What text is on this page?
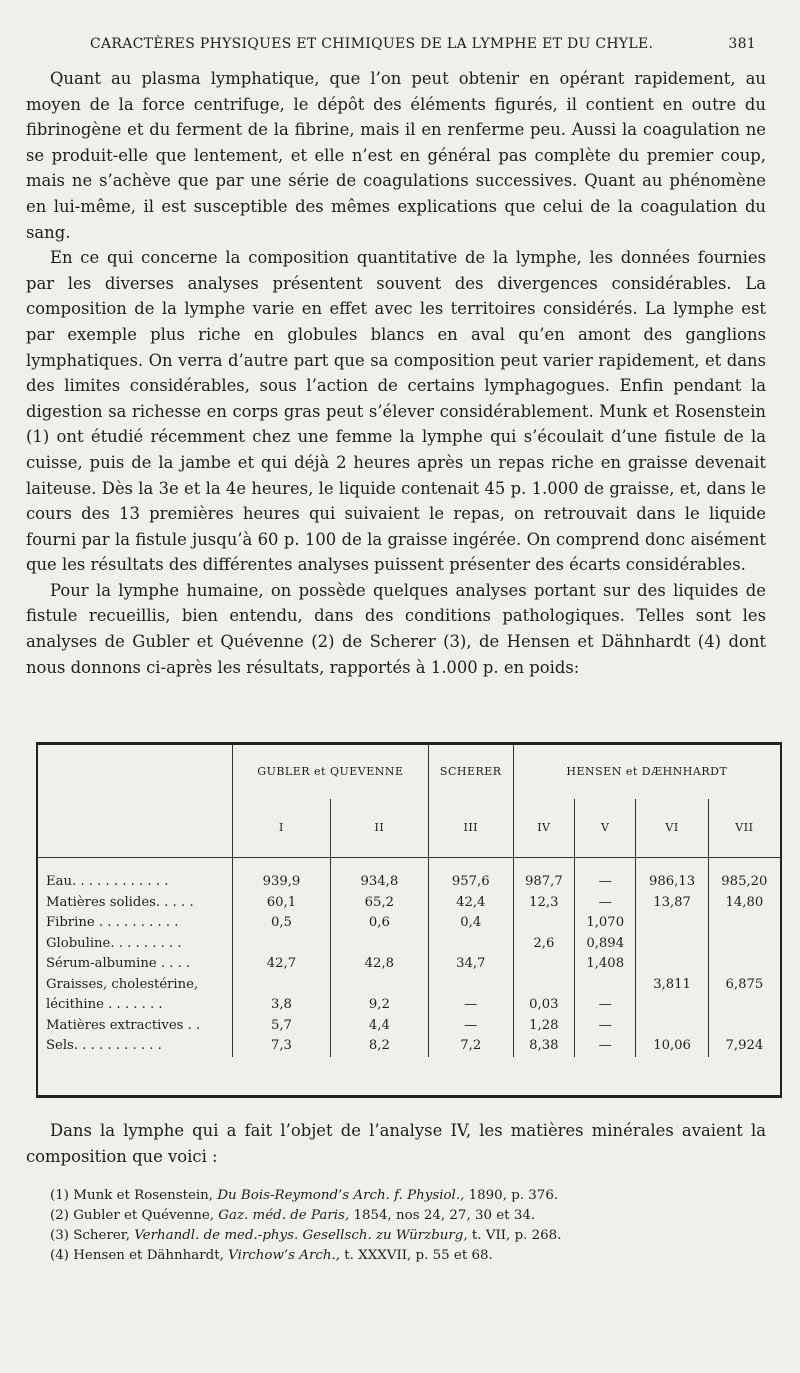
CARACTÈRES PHYSIQUES ET CHIMIQUES DE LA LYMPHE ET DU CHYLE.	381

Quant au plasma lymphatique, que l’on peut obtenir en opérant rapidement, au moyen de la force centrifuge, le dépôt des éléments figurés, il contient en outre du fibrinogène et du ferment de la fibrine, mais il en renferme peu. Aussi la coagulation ne se produit-elle que lentement, et elle n’est en général pas complète du premier coup, mais ne s’achève que par une série de coagulations successives. Quant au phénomène en lui-même, il est susceptible des mêmes explications que celui de la coagulation du sang.

En ce qui concerne la composition quantitative de la lymphe, les données fournies par les diverses analyses présentent souvent des divergences considérables. La composition de la lymphe varie en effet avec les territoires considérés. La lymphe est par exemple plus riche en globules blancs en aval qu’en amont des ganglions lymphatiques. On verra d’autre part que sa composition peut varier rapidement, et dans des limites considérables, sous l’action de certains lymphagogues. Enfin pendant la digestion sa richesse en corps gras peut s’élever considérablement. Munk et Rosenstein (1) ont étudié récemment chez une femme la lymphe qui s’écoulait d’une fistule de la cuisse, puis de la jambe et qui déjà 2 heures après un repas riche en graisse devenait laiteuse. Dès la 3e et la 4e heures, le liquide contenait 45 p. 1.000 de graisse, et, dans le cours des 13 premières heures qui suivaient le repas, on retrouvait dans le liquide fourni par la fistule jusqu’à 60 p. 100 de la graisse ingérée. On comprend donc aisément que les résultats des différentes analyses puissent présenter des écarts considérables.

Pour la lymphe humaine, on possède quelques analyses portant sur des liquides de fistule recueillis, bien entendu, dans des conditions pathologiques. Telles sont les analyses de Gubler et Quévenne (2) de Scherer (3), de Hensen et Dähnhardt (4) dont nous donnons ci-après les résultats, rapportés à 1.000 p. en poids:

	GUBLER et QUEVENNE		SCHERER	HENSEN et DÆHNHARDT			
	I	II	III	IV	V	VI	VII
Eau. . . . . . . . . . . .	939,9	934,8	957,6	987,7	—	986,13	985,20
Matières solides. . . . .	60,1	65,2	42,4	12,3	—	13,87	14,80
Fibrine . . . . . . . . . .	0,5	0,6	0,4		1,070		
Globuline. . . . . . . . .				2,6	0,894		
Sérum-albumine . . . .	42,7	42,8	34,7		1,408		
Graisses, cholestérine,						3,811	6,875
lécithine . . . . . . .	3,8	9,2	—	0,03	—		
Matières extractives . .	5,7	4,4	—	1,28	—		
Sels. . . . . . . . . . .	7,3	8,2	7,2	8,38	—	10,06	7,924

Dans la lymphe qui a fait l’objet de l’analyse IV, les matières minérales avaient la composition que voici :

(1) Munk et Rosenstein, Du Bois-Reymond’s Arch. f. Physiol., 1890, p. 376.
(2) Gubler et Quévenne, Gaz. méd. de Paris, 1854, nos 24, 27, 30 et 34.
(3) Scherer, Verhandl. de med.-phys. Gesellsch. zu Würzburg, t. VII, p. 268.
(4) Hensen et Dähnhardt, Virchow’s Arch., t. XXXVII, p. 55 et 68.
